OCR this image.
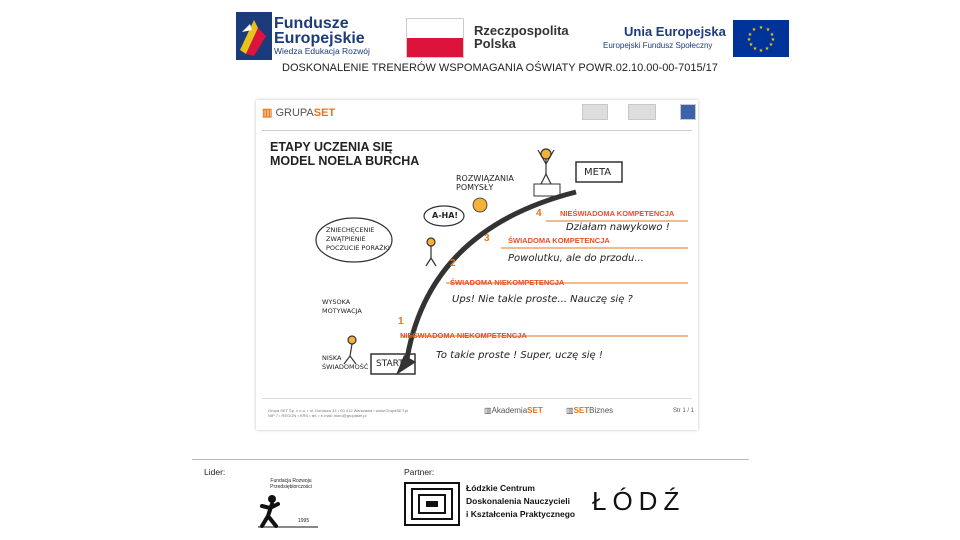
Fundusze
Europejskie
Wiedza Edukacja Rozwój
Rzeczpospolita
Polska
Unia Europejska
Europejski Fundusz Społeczny
★ ★
★
★
★
★
★
★
★
★
★
★
DOSKONALENIE TRENERÓW WSPOMAGANIA OŚWIATY POWR.02.10.00-00-7015/17
▥ GRUPASET
ETAPY UCZENIA SIĘ
MODEL NOELA BURCHA
META
START
ROZWIĄZANIA
POMYSŁY
A-HA!
ZNIECHĘCENIE
ZWĄTPIENIE
POCZUCIE PORAŻKI
WYSOKA
MOTYWACJA
NISKA
ŚWIADOMOŚĆ
4 NIEŚWIADOMA KOMPETENCJA
Działam nawykowo !
3 ŚWIADOMA KOMPETENCJA
Powolutku, ale do przodu...
2
ŚWIADOMA NIEKOMPETENCJA
Ups! Nie takie proste... Nauczę się ?
1
NIEŚWIADOMA NIEKOMPETENCJA
To takie proste ! Super, uczę się !
Grupa SET Sp. z o.o. • ul. Górnicza 33 • 00-412 Warszawa • www.GrupaSET.pl
NIP 7 • REGON • KRS • tel. • e-mail: biuro@grupaset.pl
▥AkademiaSET	▥SETBiznes	Str 1 / 1
Lider:	Partner:
Fundacja Rozwoju
Przedsiębiorczości
1995
Łódzkie Centrum
Doskonalenia Nauczycieli
i Kształcenia Praktycznego ŁÓDŹ
